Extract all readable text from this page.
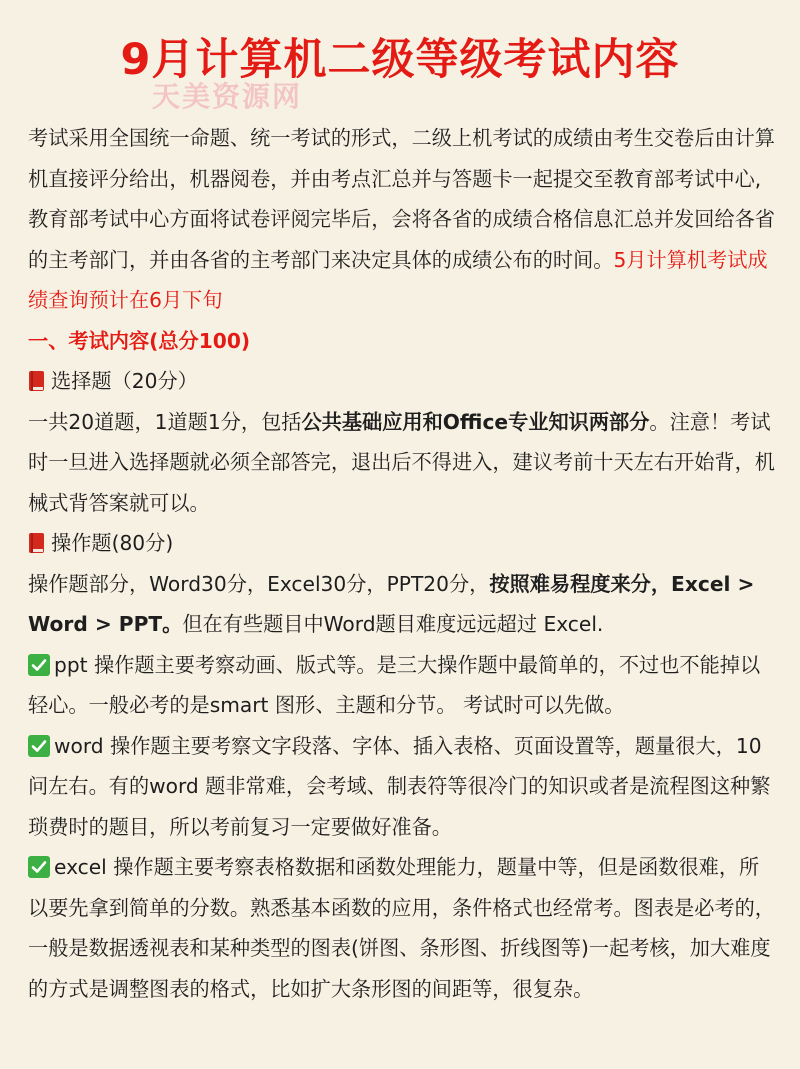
9月计算机二级等级考试内容
天美资源网

考试采用全国统一命题、统一考试的形式，二级上机考试的成绩由考生交卷后由计算机直接评分给出，机器阅卷，并由考点汇总并与答题卡一起提交至教育部考试中心,教育部考试中心方面将试卷评阅完毕后，会将各省的成绩合格信息汇总并发回给各省的主考部门，并由各省的主考部门来决定具体的成绩公布的时间。5月计算机考试成绩查询预计在6月下旬

一、考试内容(总分100)

选择题（20分）

一共20道题，1道题1分，包括公共基础应用和Office专业知识两部分。注意！考试时一旦进入选择题就必须全部答完，退出后不得进入，建议考前十天左右开始背，机械式背答案就可以。

操作题(80分)

操作题部分，Word30分，Excel30分，PPT20分，按照难易程度来分，Excel > Word > PPT。但在有些题目中Word题目难度远远超过 Excel.

ppt 操作题主要考察动画、版式等。是三大操作题中最简单的，不过也不能掉以轻心。一般必考的是smart 图形、主题和分节。 考试时可以先做。

word 操作题主要考察文字段落、字体、插入表格、页面设置等，题量很大，10问左右。有的word 题非常难，会考域、制表符等很冷门的知识或者是流程图这种繁琐费时的题目，所以考前复习一定要做好准备。

excel 操作题主要考察表格数据和函数处理能力，题量中等，但是函数很难，所以要先拿到简单的分数。熟悉基本函数的应用，条件格式也经常考。图表是必考的，一般是数据透视表和某种类型的图表(饼图、条形图、折线图等)一起考核，加大难度的方式是调整图表的格式，比如扩大条形图的间距等，很复杂。
